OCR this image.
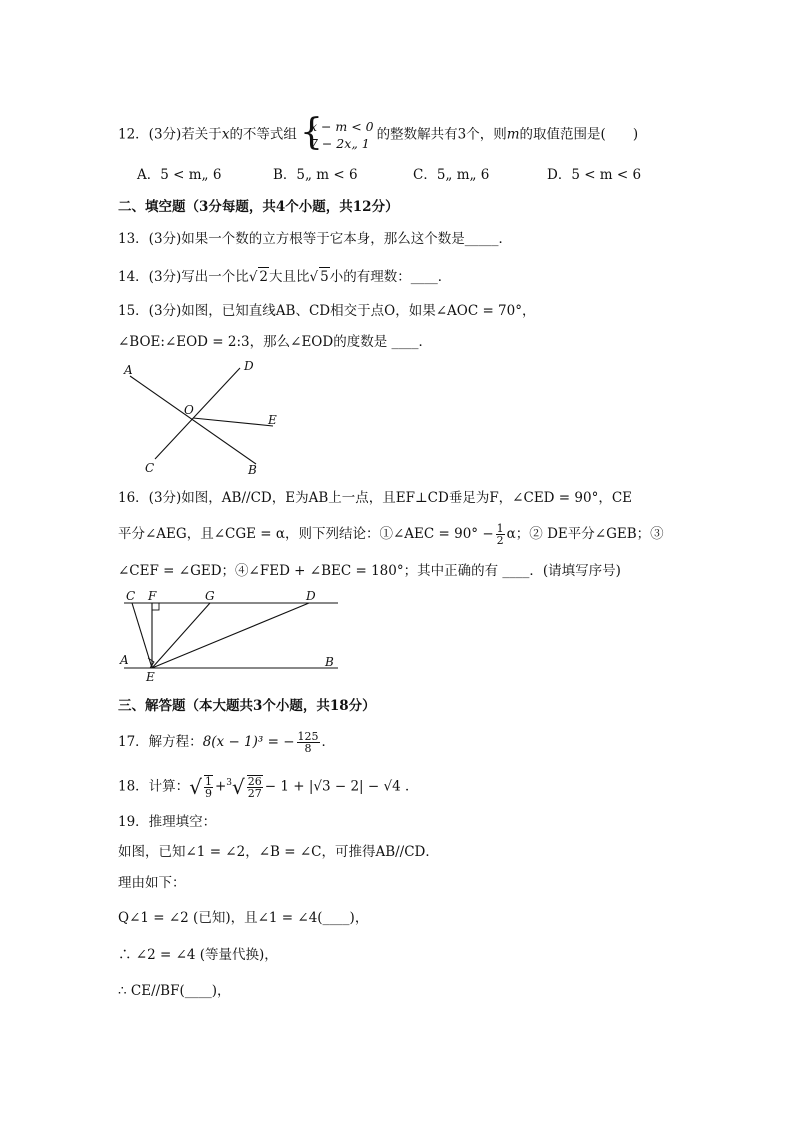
12．(3分)若关于x的不等式组 {
x − m < 0
7 − 2x„ 1
的整数解共有3个，则m的取值范围是(　　)
A．5 < m„ 6	B．5„ m < 6	C．5„ m„ 6	D．5 < m < 6
二、填空题（3分每题，共4个小题，共12分）
13．(3分)如果一个数的立方根等于它本身，那么这个数是_____．
14．(3分)写出一个比√ 2大且比√ 5小的有理数：____．
15．(3分)如图，已知直线AB、CD相交于点O，如果∠AOC = 70°，
∠BOE:∠EOD = 2:3，那么∠EOD的度数是 ____．
A	D
O
E
C	B
16．(3分)如图，AB//CD，E为AB上一点，且EF⊥CD垂足为F，∠CED = 90°，CE
平分∠AEG，且∠CGE = α，则下列结论：①∠AEC = $90^\circ - \frac{1}{2}$ α；② DE平分∠GEB；③
∠CEF = ∠GED；④∠FED + ∠BEC = 180°；其中正确的有 ____．(请填写序号)
C F	G	D
A
E
B
三、解答题（本大题共3个小题，共18分）
17．解方程：8(x − 1)³ = − $\frac{125}{8}$ ．
18．计算：√ $\frac{1}{9} +^3√ \frac{26}{27} - 1 + |√3 - 2| - √4$ ．
19．推理填空：
如图，已知∠1 = ∠2，∠B = ∠C，可推得AB//CD．
理由如下：
Q∠1 = ∠2 (已知)，且∠1 = ∠4(____)，
∴ ∠2 = ∠4 (等量代换)，
∴ CE//BF(____)，
